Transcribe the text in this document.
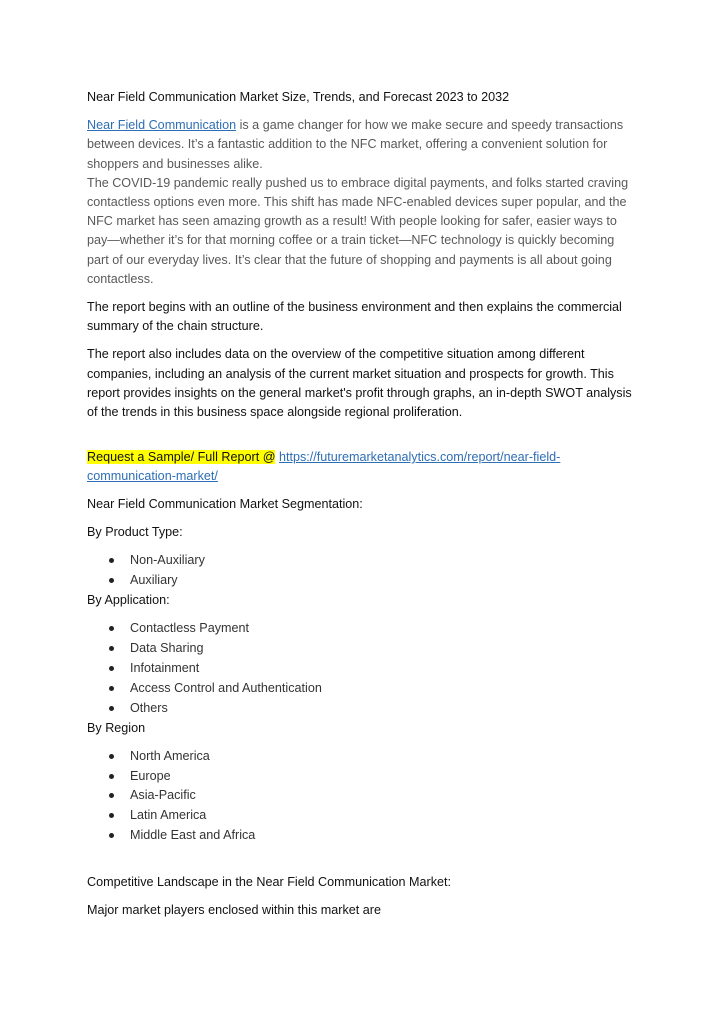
Near Field Communication Market Size, Trends, and Forecast 2023 to 2032

Near Field Communication is a game changer for how we make secure and speedy transactions between devices. It’s a fantastic addition to the NFC market, offering a convenient solution for shoppers and businesses alike.

The COVID-19 pandemic really pushed us to embrace digital payments, and folks started craving contactless options even more. This shift has made NFC-enabled devices super popular, and the NFC market has seen amazing growth as a result! With people looking for safer, easier ways to pay—whether it’s for that morning coffee or a train ticket—NFC technology is quickly becoming part of our everyday lives. It’s clear that the future of shopping and payments is all about going contactless.

The report begins with an outline of the business environment and then explains the commercial summary of the chain structure.

The report also includes data on the overview of the competitive situation among different companies, including an analysis of the current market situation and prospects for growth. This report provides insights on the general market's profit through graphs, an in-depth SWOT analysis of the trends in this business space alongside regional proliferation.

Request a Sample/ Full Report @ https://futuremarketanalytics.com/report/near-field-communication-market/
Near Field Communication Market Segmentation:
By Product Type:
Non-Auxiliary
Auxiliary
By Application:
Contactless Payment
Data Sharing
Infotainment
Access Control and Authentication
Others
By Region
North America
Europe
Asia-Pacific
Latin America
Middle East and Africa
Competitive Landscape in the Near Field Communication Market:
Major market players enclosed within this market are
